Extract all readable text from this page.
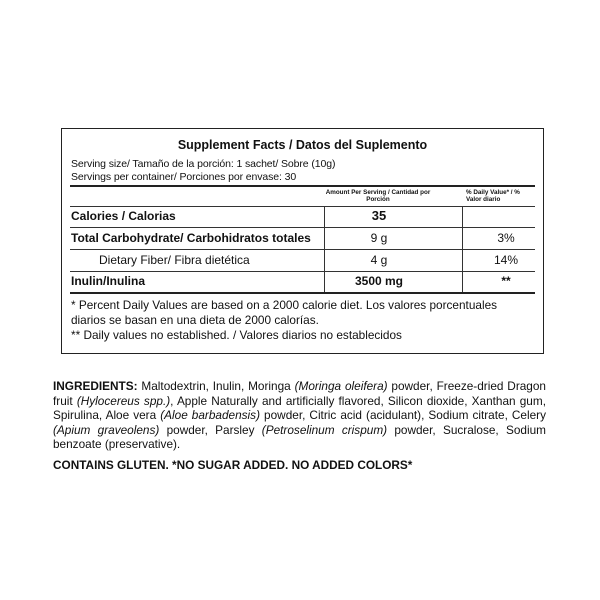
Supplement Facts / Datos del Suplemento
Serving size/ Tamaño de la porción: 1 sachet/ Sobre (10g)
Servings per container/ Porciones por envase: 30
Amount Per Serving / Cantidad por Porción
% Daily Value* / % Valor diario
Calories / Calorias	35
Total Carbohydrate/ Carbohidratos totales	9 g	3%
Dietary Fiber/ Fibra dietética	4 g	14%
Inulin/Inulina	3500 mg	**
* Percent Daily Values are based on a 2000 calorie diet. Los valores porcentuales diarios se basan en una dieta de 2000 calorías.
** Daily values no established. / Valores diarios no establecidos
INGREDIENTS: Maltodextrin, Inulin, Moringa (Moringa oleifera) powder, Freeze-dried Dragon fruit (Hylocereus spp.), Apple Naturally and artificially flavored, Silicon dioxide, Xanthan gum, Spirulina, Aloe vera (Aloe barbadensis) powder, Citric acid (acidulant), Sodium citrate, Celery (Apium graveolens) powder, Parsley (Petroselinum crispum) powder, Sucralose, Sodium benzoate (preservative).
CONTAINS GLUTEN. *NO SUGAR ADDED. NO ADDED COLORS*
